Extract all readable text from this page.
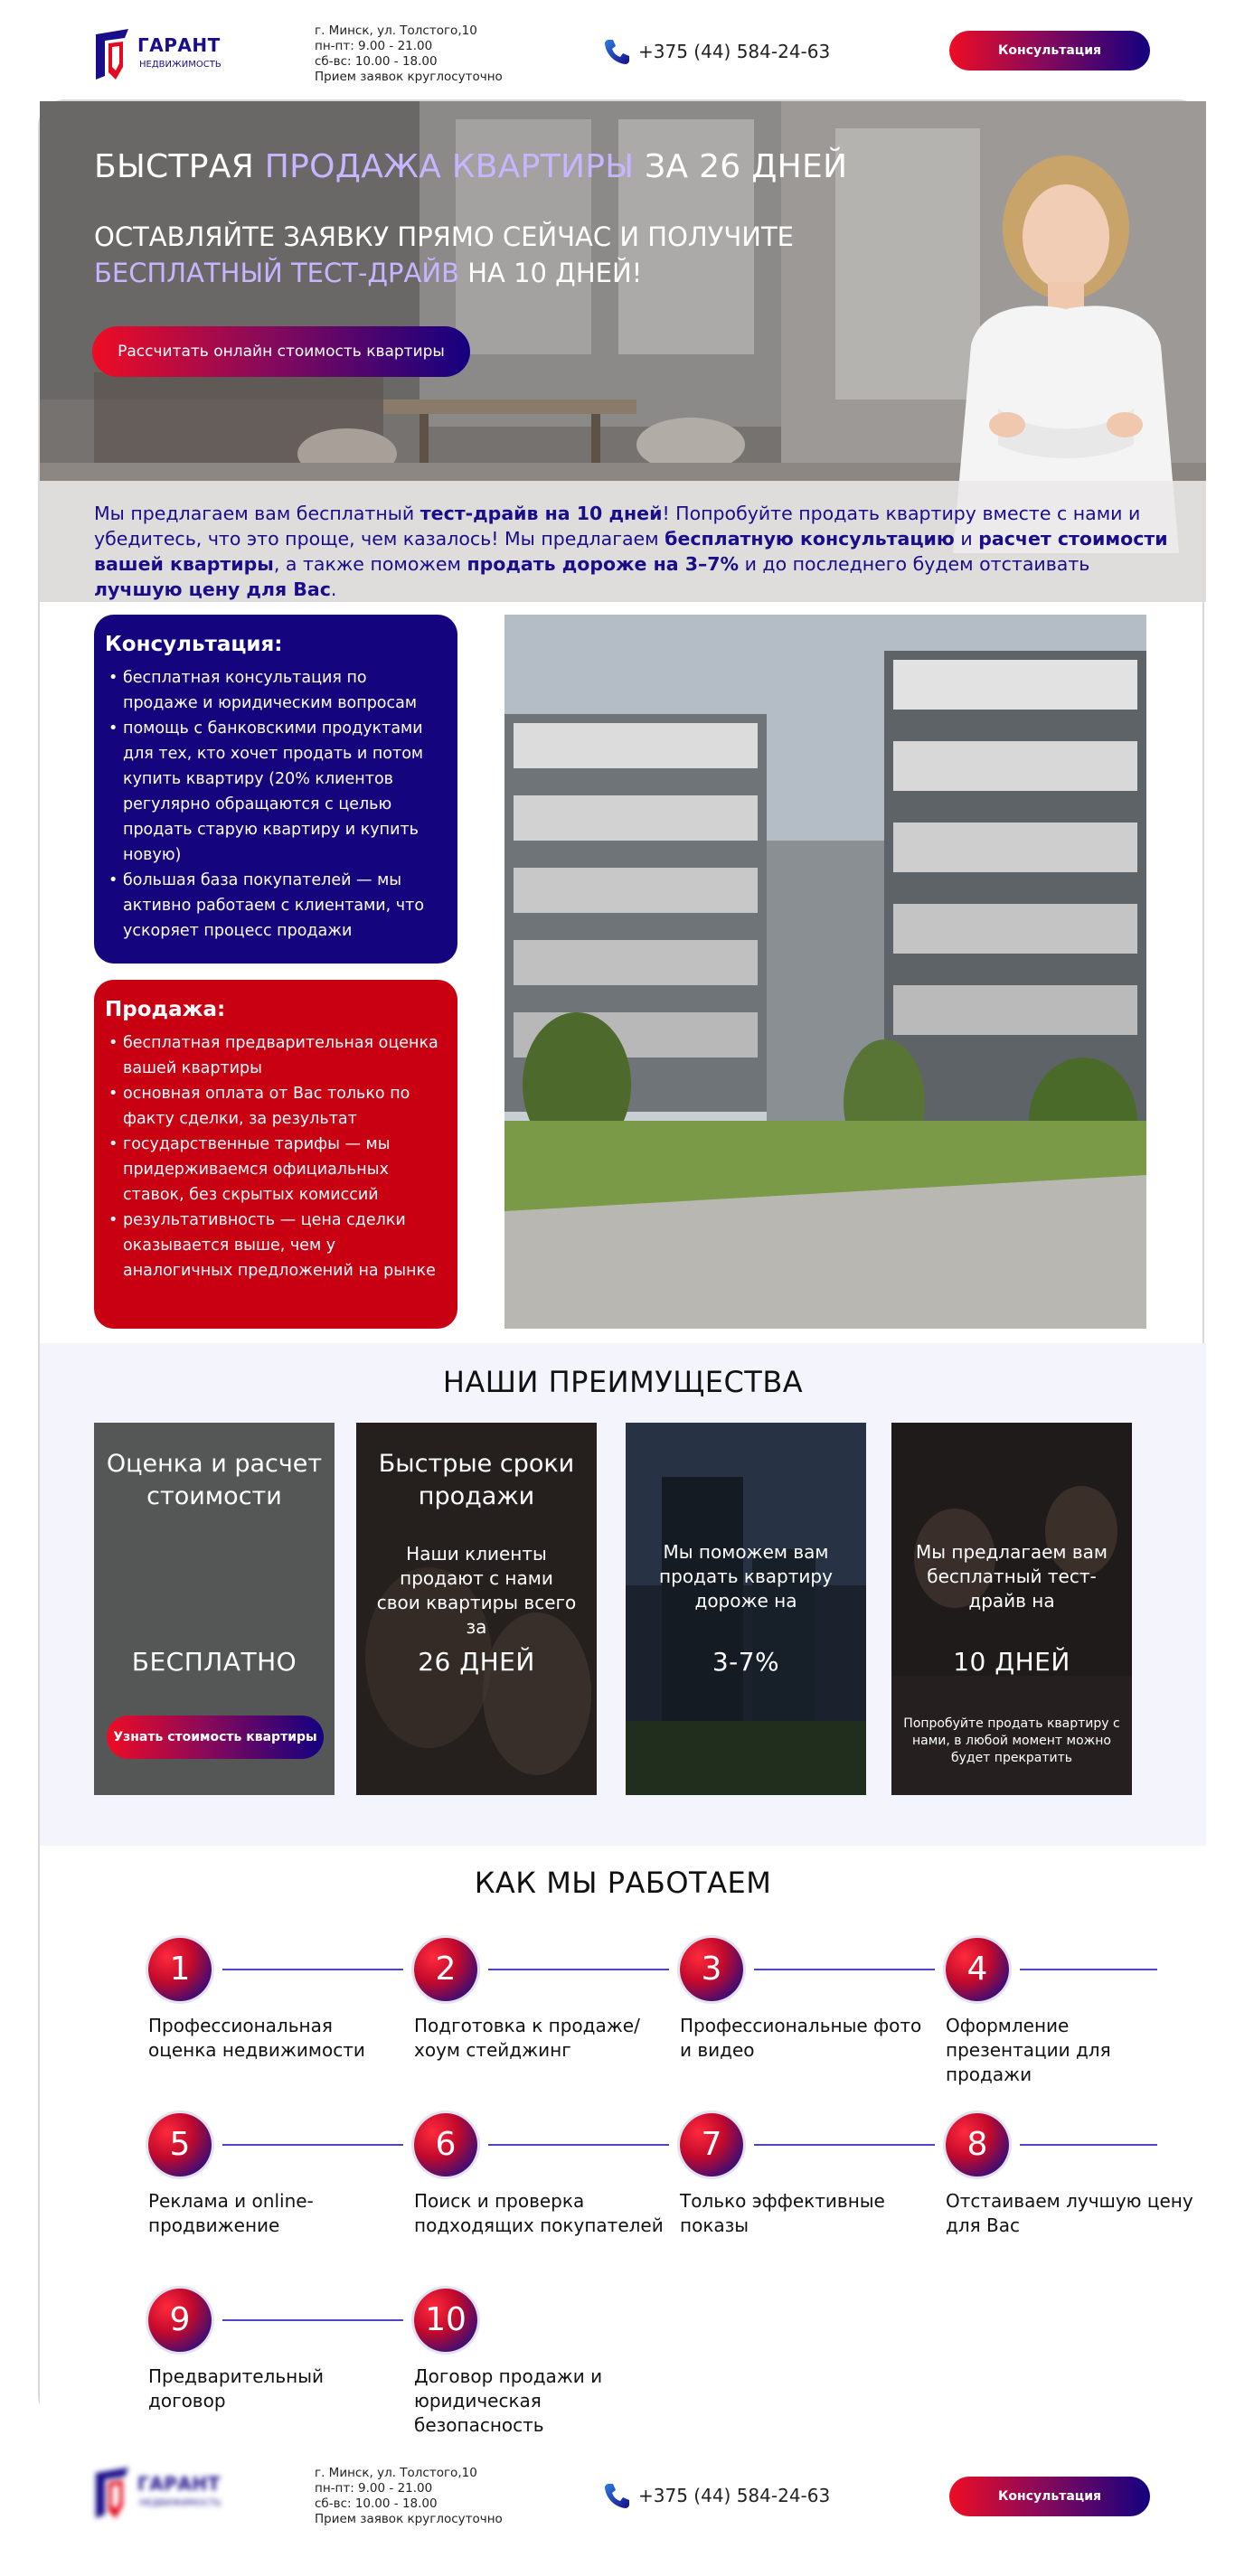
ГАРАНТ
НЕДВИЖИМОСТЬ
г. Минск, ул. Толстого,10
пн-пт: 9.00 - 21.00
сб-вс: 10.00 - 18.00
Прием заявок круглосуточно
+375 (44) 584-24-63	Консультация
БЫСТРАЯ ПРОДАЖА КВАРТИРЫ ЗА 26 ДНЕЙ
ОСТАВЛЯЙТЕ ЗАЯВКУ ПРЯМО СЕЙЧАС И ПОЛУЧИТЕ
БЕСПЛАТНЫЙ ТЕСТ-ДРАЙВ НА 10 ДНЕЙ!
Рассчитать онлайн стоимость квартиры
Мы предлагаем вам бесплатный тест-драйв на 10 дней! Попробуйте продать квартиру вместе с нами и убедитесь, что это проще, чем казалось! Мы предлагаем бесплатную консультацию и расчет стоимости вашей квартиры, а также поможем продать дороже на 3–7% и до последнего будем отстаивать лучшую цену для Вас.
Консультация:
• бесплатная консультация по продаже и юридическим вопросам
• помощь с банковскими продуктами для тех, кто хочет продать и потом купить квартиру (20% клиентов регулярно обращаются с целью продать старую квартиру и купить новую)
• большая база покупателей — мы активно работаем с клиентами, что ускоряет процесс продажи
Продажа:
• бесплатная предварительная оценка вашей квартиры
• основная оплата от Вас только по факту сделки, за результат
• государственные тарифы — мы придерживаемся официальных ставок, без скрытых комиссий
• результативность — цена сделки оказывается выше, чем у аналогичных предложений на рынке
НАШИ ПРЕИМУЩЕСТВА
Оценка и расчет стоимости
БЕСПЛАТНО
Узнать стоимость квартиры
Быстрые сроки продажи
Наши клиенты продают с нами свои квартиры всего за
26 ДНЕЙ
Мы поможем вам продать квартиру дороже на
3-7%
Мы предлагаем вам бесплатный тест-драйв на
10 ДНЕЙ
Попробуйте продать квартиру с нами, в любой момент можно будет прекратить
КАК МЫ РАБОТАЕМ
1
Профессиональная оценка недвижимости
2
Подготовка к продаже/хоум стейджинг
3
Профессиональные фото и видео
4
Оформление презентации для продажи
5
Реклама и online-продвижение
6
Поиск и проверка подходящих покупателей
7
Только эффективные показы
8
Отстаиваем лучшую цену для Вас
9
Предварительный договор
10
Договор продажи и юридическая безопасность
ГАРАНТ
НЕДВИЖИМОСТЬ
г. Минск, ул. Толстого,10
пн-пт: 9.00 - 21.00
сб-вс: 10.00 - 18.00
Прием заявок круглосуточно
+375 (44) 584-24-63	Консультация
